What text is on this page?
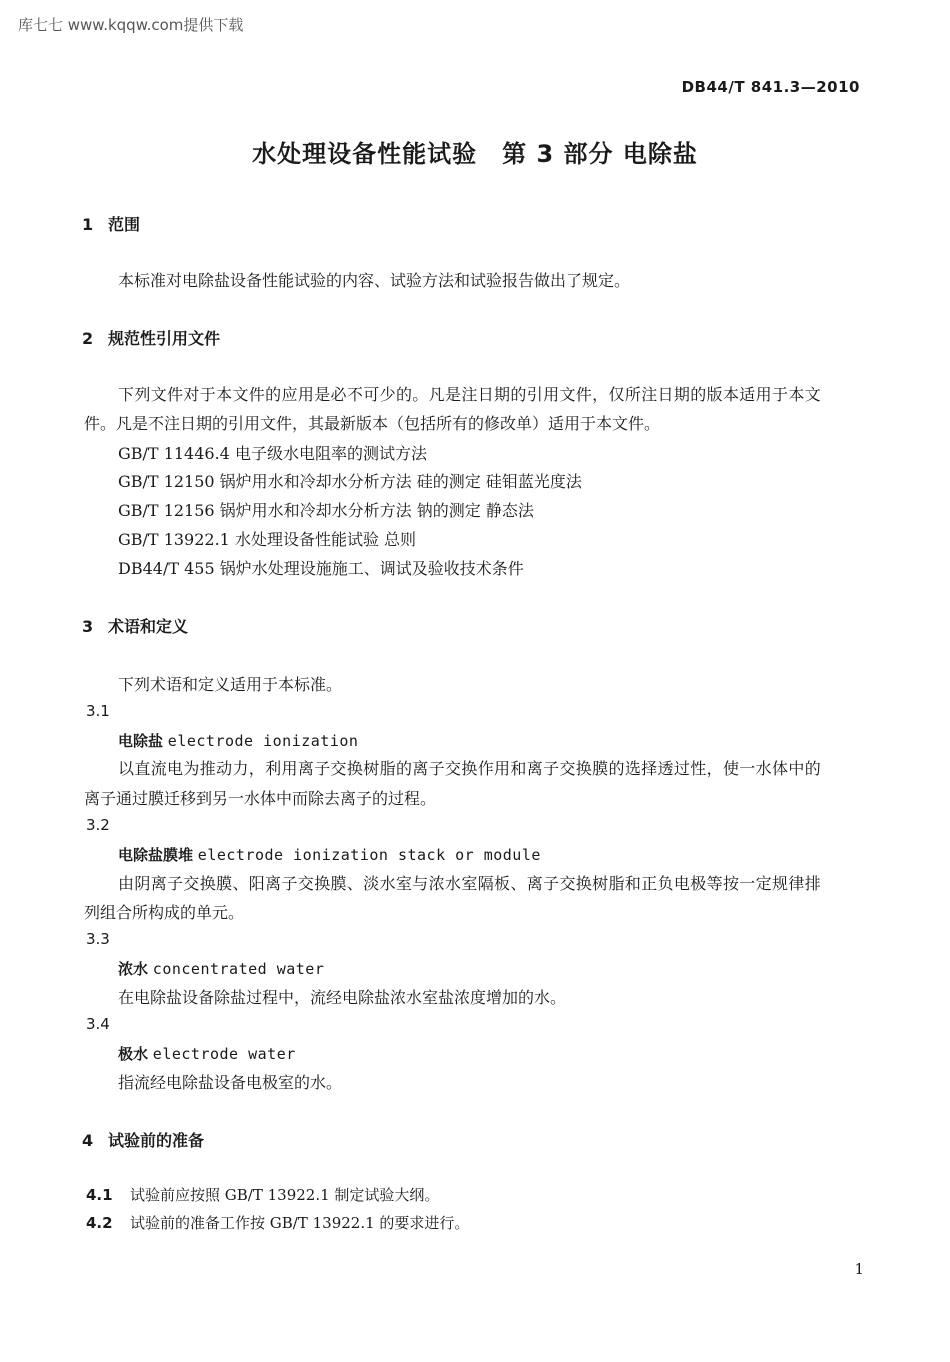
库七七 www.kqqw.com提供下载
DB44/T 841.3—2010
水处理设备性能试验　第 3 部分 电除盐
1 范围
本标准对电除盐设备性能试验的内容、试验方法和试验报告做出了规定。
2 规范性引用文件
下列文件对于本文件的应用是必不可少的。凡是注日期的引用文件，仅所注日期的版本适用于本文
件。凡是不注日期的引用文件，其最新版本（包括所有的修改单）适用于本文件。
GB/T 11446.4 电子级水电阻率的测试方法
GB/T 12150 锅炉用水和冷却水分析方法 硅的测定 硅钼蓝光度法
GB/T 12156 锅炉用水和冷却水分析方法 钠的测定 静态法
GB/T 13922.1 水处理设备性能试验 总则
DB44/T 455 锅炉水处理设施施工、调试及验收技术条件
3 术语和定义
下列术语和定义适用于本标准。
3.1
电除盐 electrode ionization
以直流电为推动力，利用离子交换树脂的离子交换作用和离子交换膜的选择透过性，使一水体中的
离子通过膜迁移到另一水体中而除去离子的过程。
3.2
电除盐膜堆 electrode ionization stack or module
由阴离子交换膜、阳离子交换膜、淡水室与浓水室隔板、离子交换树脂和正负电极等按一定规律排
列组合所构成的单元。
3.3
浓水 concentrated water
在电除盐设备除盐过程中，流经电除盐浓水室盐浓度增加的水。
3.4
极水 electrode water
指流经电除盐设备电极室的水。
4 试验前的准备
4.1 试验前应按照 GB/T 13922.1 制定试验大纲。
4.2 试验前的准备工作按 GB/T 13922.1 的要求进行。
1
